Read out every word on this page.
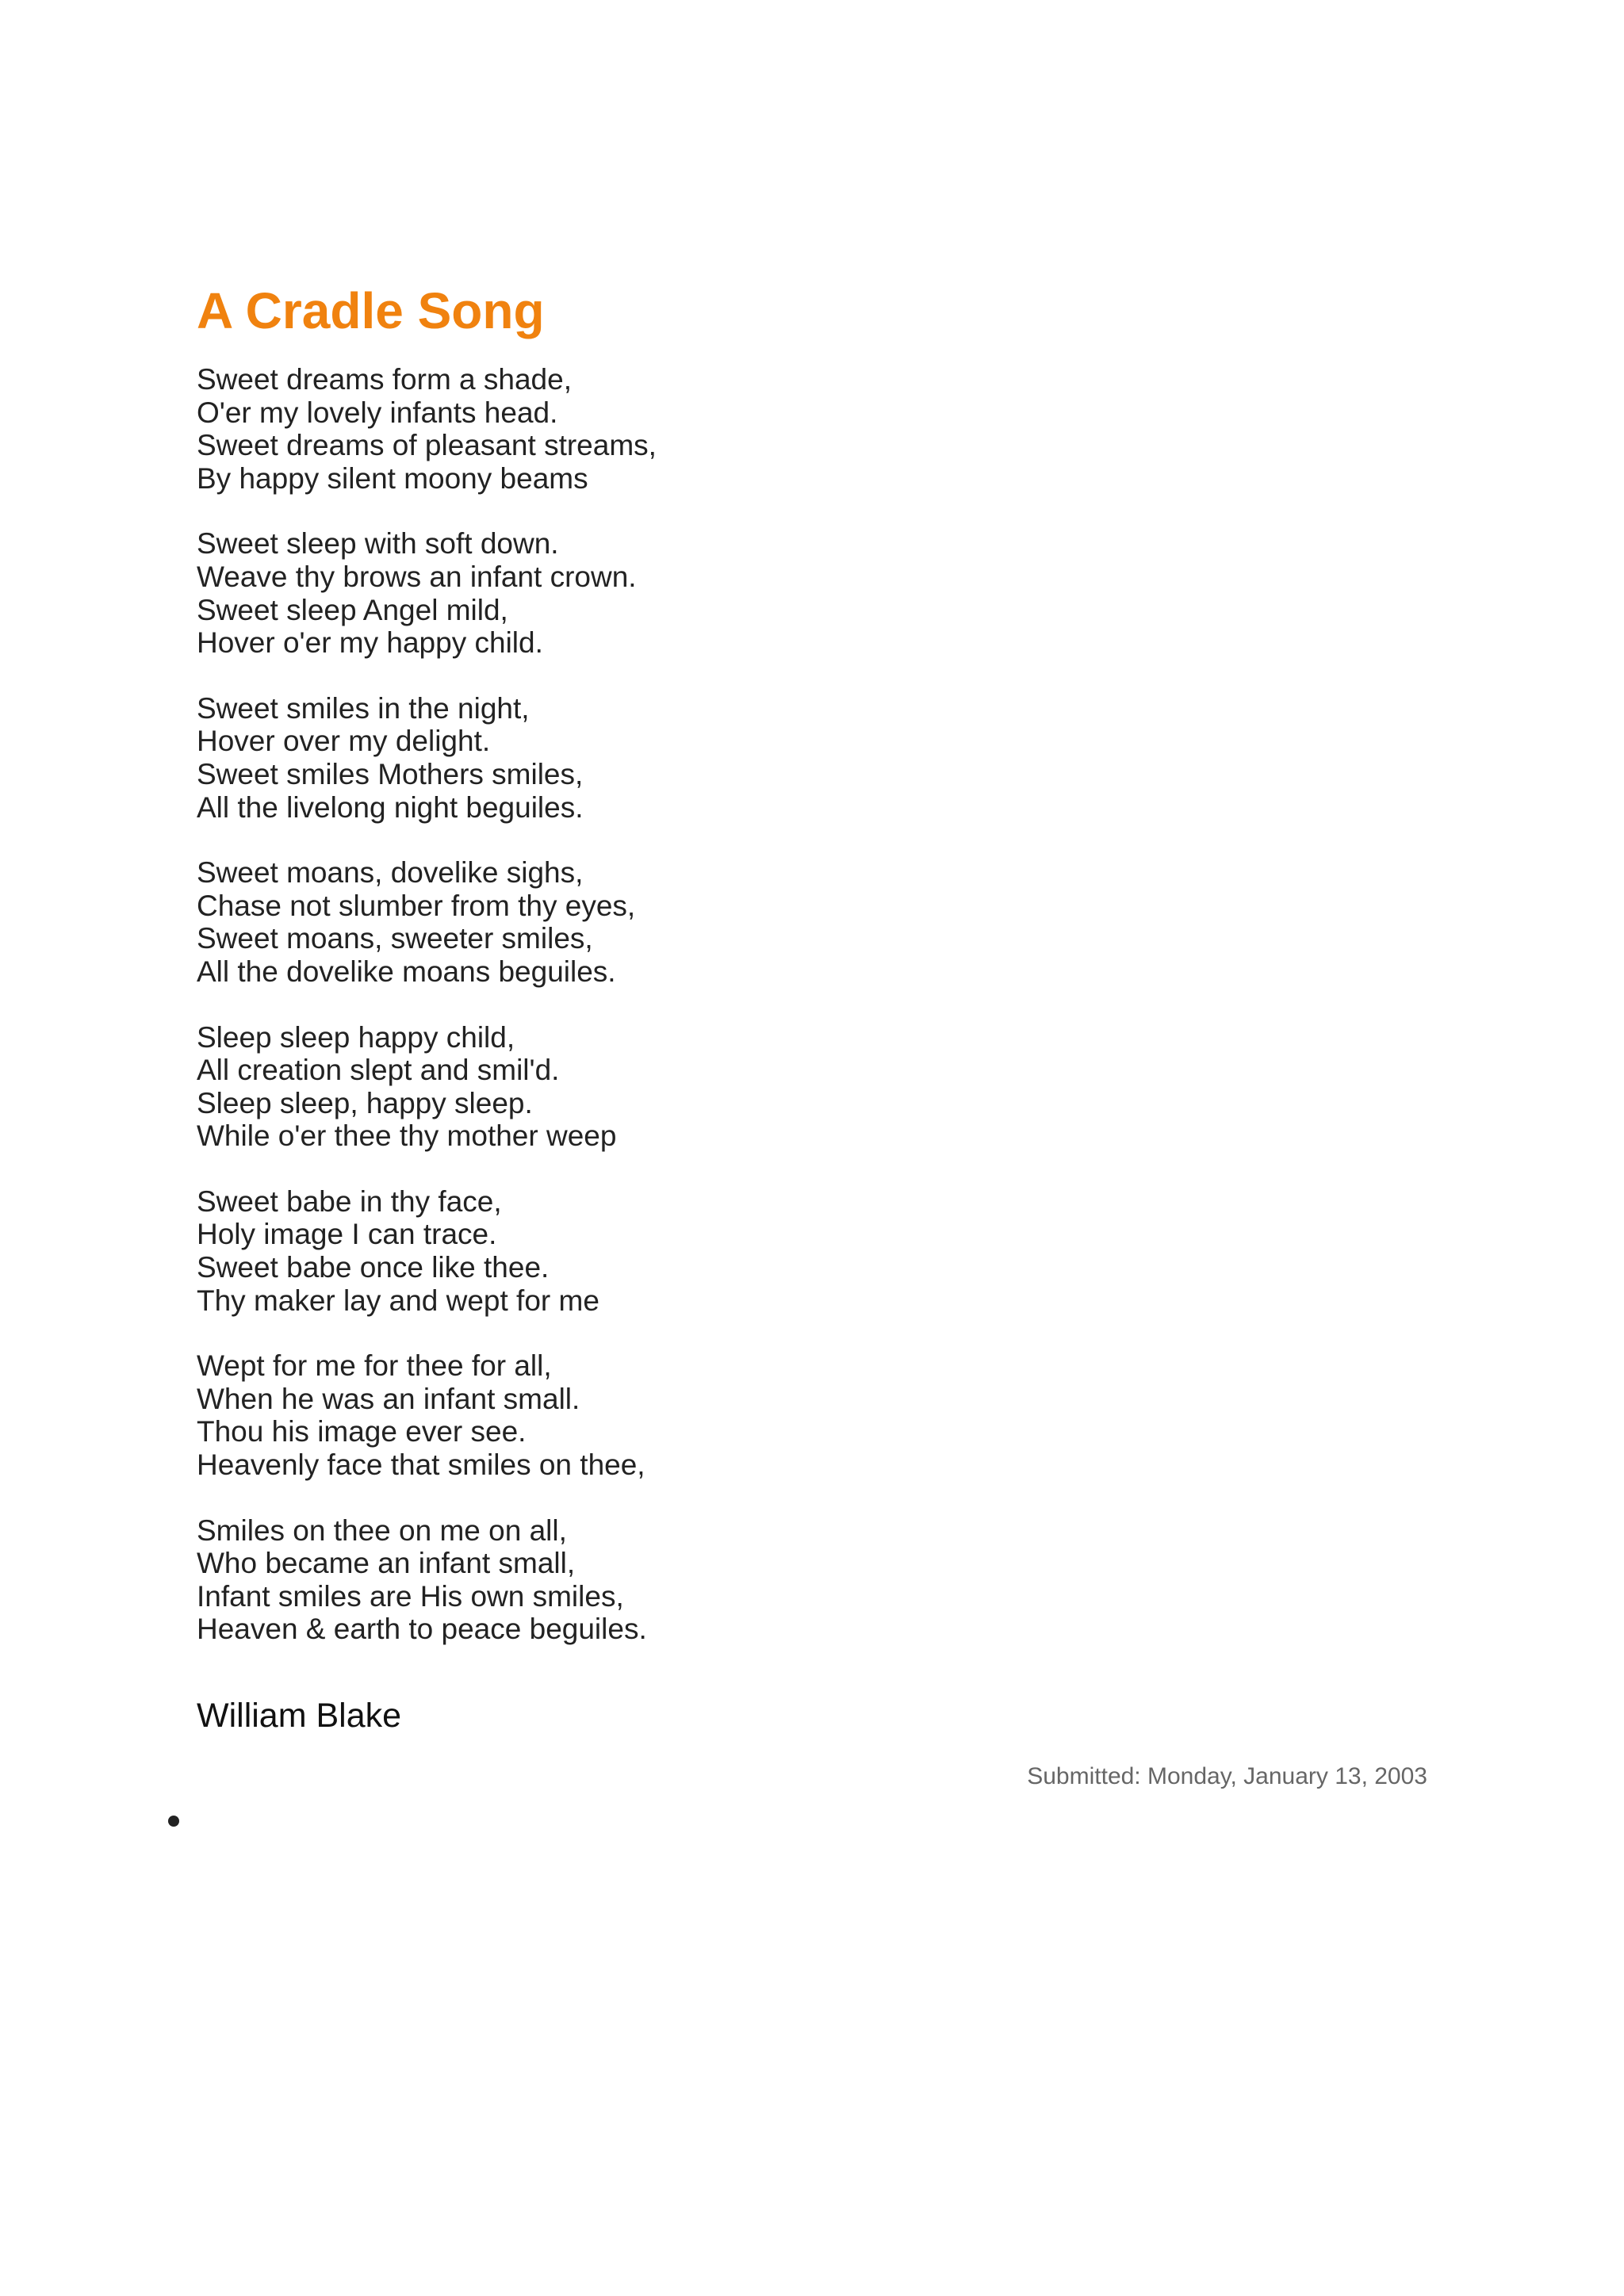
A Cradle Song
Sweet dreams form a shade,
O'er my lovely infants head.
Sweet dreams of pleasant streams,
By happy silent moony beams
Sweet sleep with soft down.
Weave thy brows an infant crown.
Sweet sleep Angel mild,
Hover o'er my happy child.
Sweet smiles in the night,
Hover over my delight.
Sweet smiles Mothers smiles,
All the livelong night beguiles.
Sweet moans, dovelike sighs,
Chase not slumber from thy eyes,
Sweet moans, sweeter smiles,
All the dovelike moans beguiles.
Sleep sleep happy child,
All creation slept and smil'd.
Sleep sleep, happy sleep.
While o'er thee thy mother weep
Sweet babe in thy face,
Holy image I can trace.
Sweet babe once like thee.
Thy maker lay and wept for me
Wept for me for thee for all,
When he was an infant small.
Thou his image ever see.
Heavenly face that smiles on thee,
Smiles on thee on me on all,
Who became an infant small,
Infant smiles are His own smiles,
Heaven & earth to peace beguiles.
William Blake
Submitted: Monday, January 13, 2003
